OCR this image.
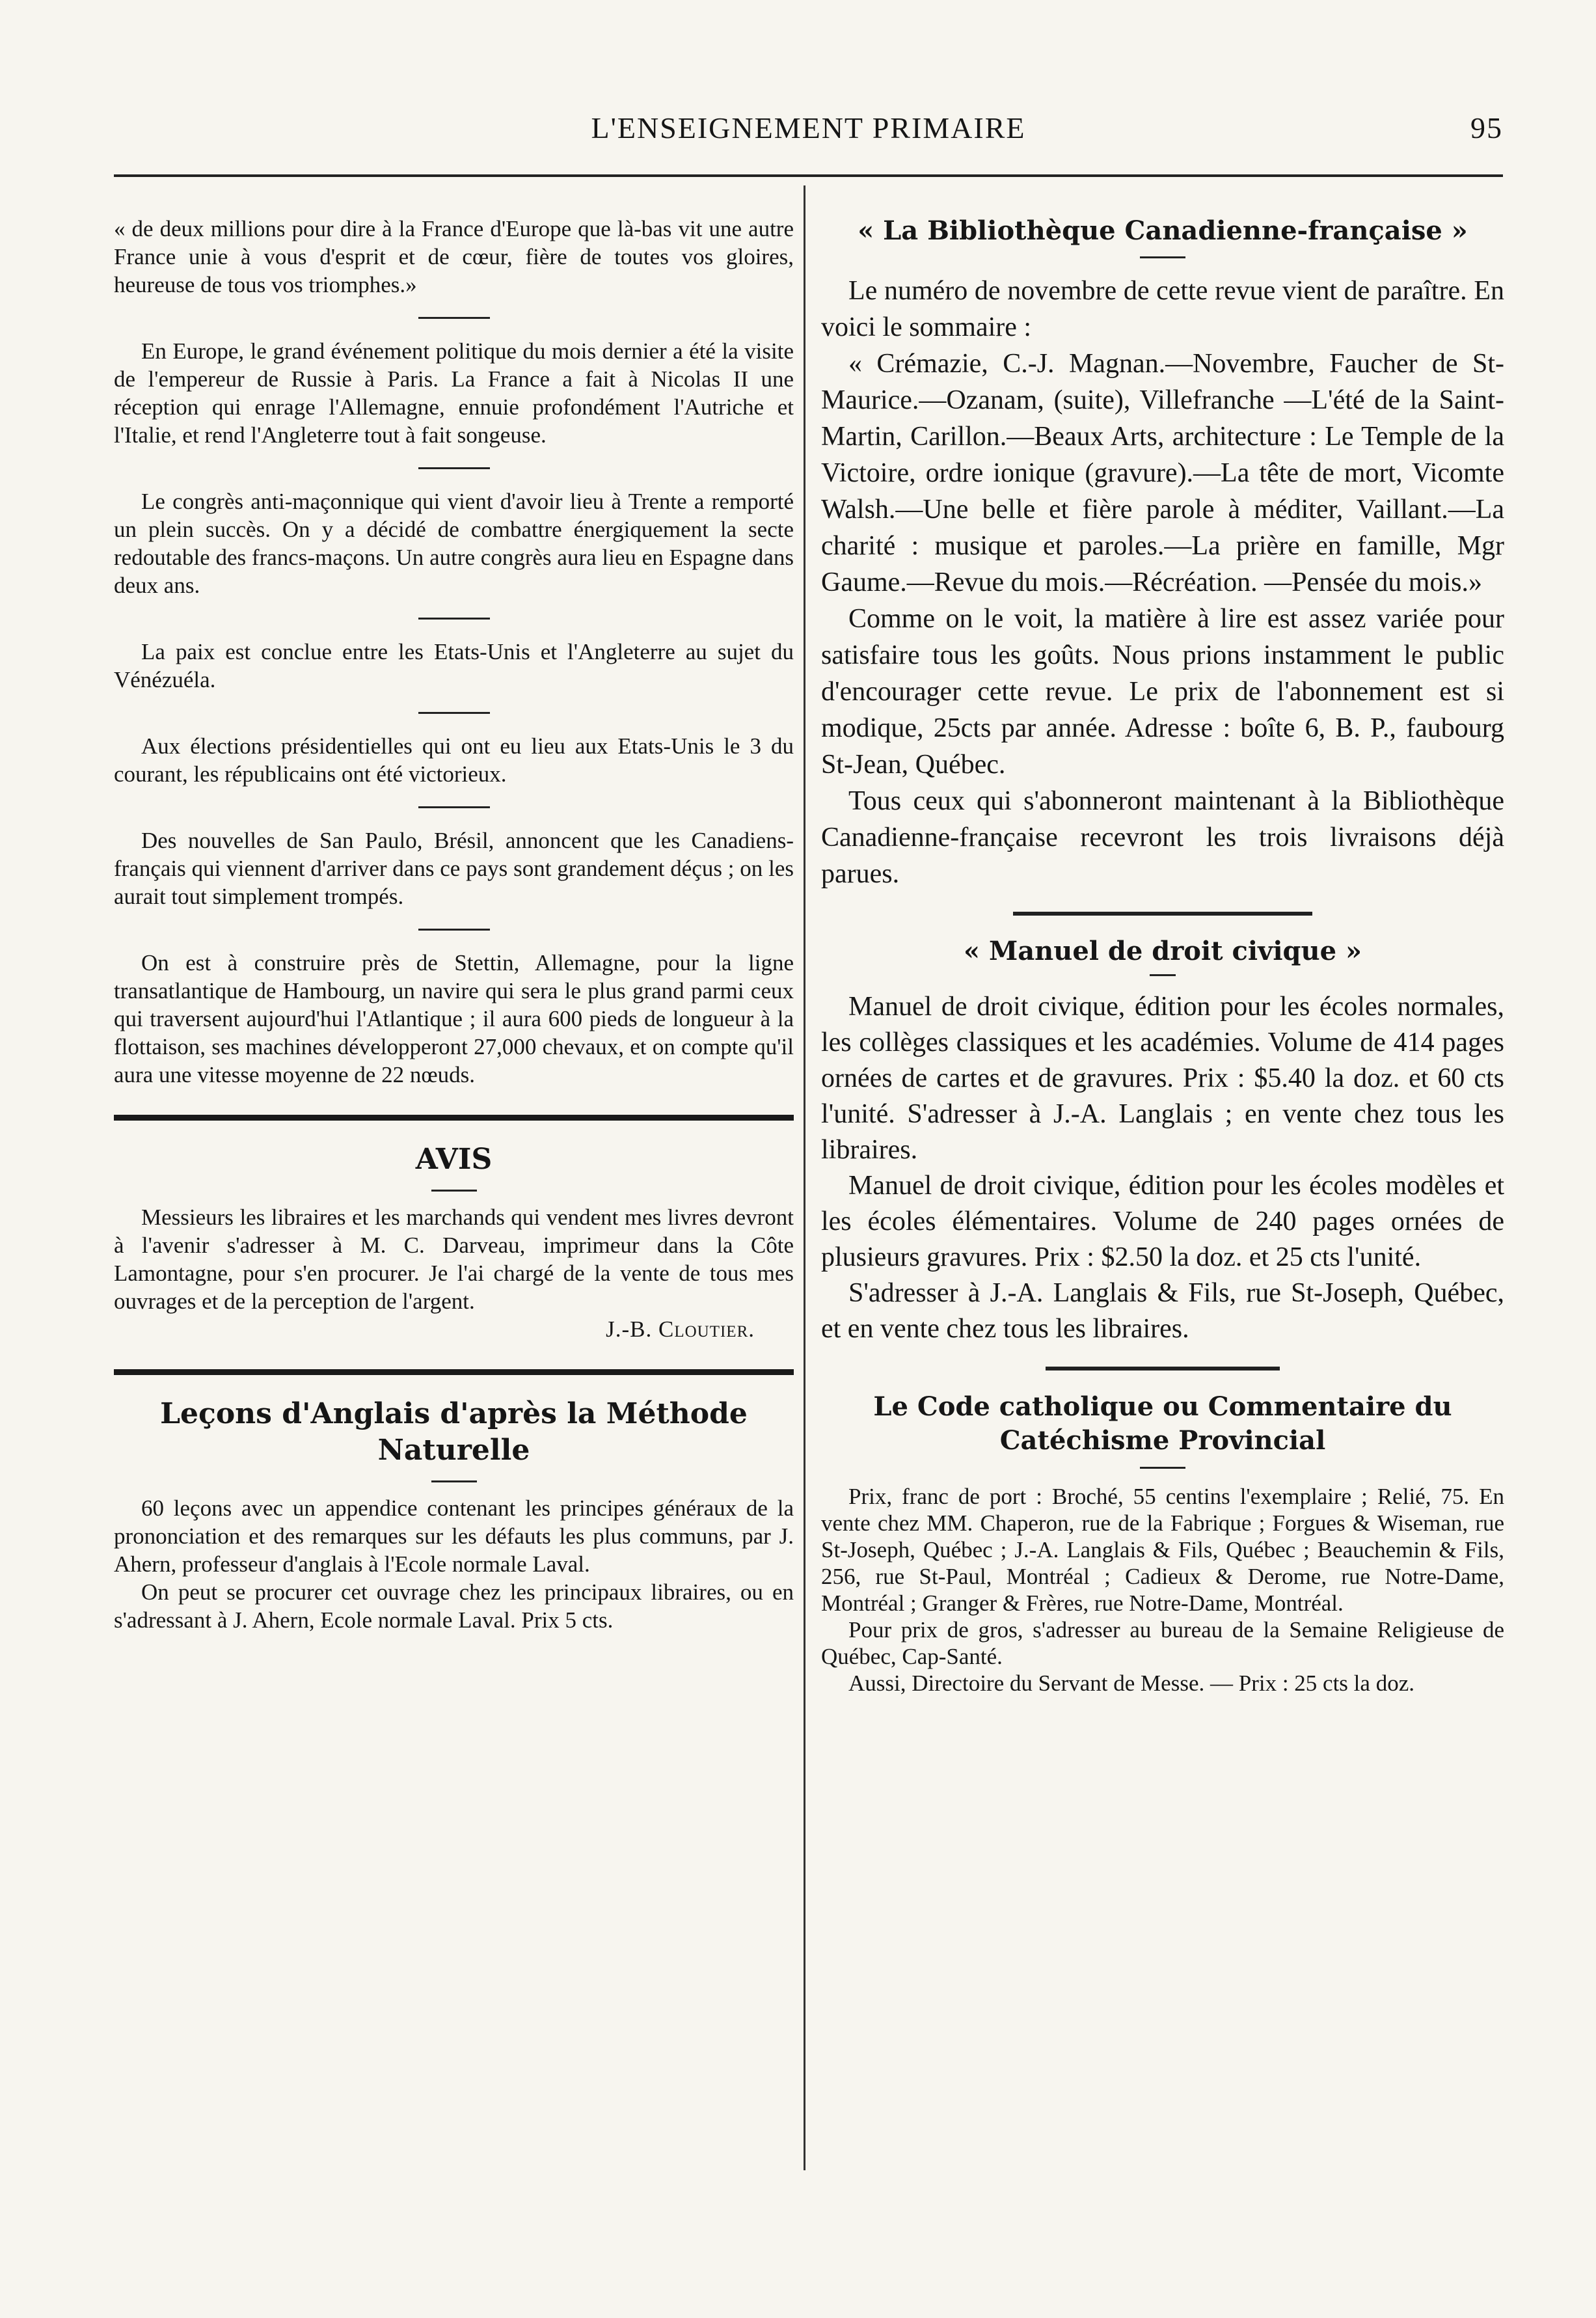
L'ENSEIGNEMENT PRIMAIRE	95

« de deux millions pour dire à la France d'Europe que là-bas vit une autre France unie à vous d'esprit et de cœur, fière de toutes vos gloires, heureuse de tous vos triomphes.»

En Europe, le grand événement politique du mois dernier a été la visite de l'empereur de Russie à Paris. La France a fait à Nicolas II une réception qui enrage l'Allemagne, ennuie profondément l'Autriche et l'Italie, et rend l'Angleterre tout à fait songeuse.

Le congrès anti-maçonnique qui vient d'avoir lieu à Trente a remporté un plein succès. On y a décidé de combattre énergiquement la secte redoutable des francs-maçons. Un autre congrès aura lieu en Espagne dans deux ans.

La paix est conclue entre les Etats-Unis et l'Angleterre au sujet du Vénézuéla.

Aux élections présidentielles qui ont eu lieu aux Etats-Unis le 3 du courant, les républicains ont été victorieux.

Des nouvelles de San Paulo, Brésil, annoncent que les Canadiens-français qui viennent d'arriver dans ce pays sont grandement déçus ; on les aurait tout simplement trompés.

On est à construire près de Stettin, Allemagne, pour la ligne transatlantique de Hambourg, un navire qui sera le plus grand parmi ceux qui traversent aujourd'hui l'Atlantique ; il aura 600 pieds de longueur à la flottaison, ses machines développeront 27,000 chevaux, et on compte qu'il aura une vitesse moyenne de 22 nœuds.

AVIS

Messieurs les libraires et les marchands qui vendent mes livres devront à l'avenir s'adresser à M. C. Darveau, imprimeur dans la Côte Lamontagne, pour s'en procurer. Je l'ai chargé de la vente de tous mes ouvrages et de la perception de l'argent.

J.-B. Cloutier.

Leçons d'Anglais d'après la Méthode Naturelle

60 leçons avec un appendice contenant les principes généraux de la prononciation et des remarques sur les défauts les plus communs, par J. Ahern, professeur d'anglais à l'Ecole normale Laval.

On peut se procurer cet ouvrage chez les principaux libraires, ou en s'adressant à J. Ahern, Ecole normale Laval. Prix 5 cts.

« La Bibliothèque Canadienne-française »

Le numéro de novembre de cette revue vient de paraître. En voici le sommaire :

« Crémazie, C.-J. Magnan.—Novembre, Faucher de St-Maurice.—Ozanam, (suite), Villefranche —L'été de la Saint-Martin, Carillon.—Beaux Arts, architecture : Le Temple de la Victoire, ordre ionique (gravure).—La tête de mort, Vicomte Walsh.—Une belle et fière parole à méditer, Vaillant.—La charité : musique et paroles.—La prière en famille, Mgr Gaume.—Revue du mois.—Récréation. —Pensée du mois.»

Comme on le voit, la matière à lire est assez variée pour satisfaire tous les goûts. Nous prions instamment le public d'encourager cette revue. Le prix de l'abonnement est si modique, 25cts par année. Adresse : boîte 6, B. P., faubourg St-Jean, Québec.

Tous ceux qui s'abonneront maintenant à la Bibliothèque Canadienne-française recevront les trois livraisons déjà parues.

« Manuel de droit civique »

Manuel de droit civique, édition pour les écoles normales, les collèges classiques et les académies. Volume de 414 pages ornées de cartes et de gravures. Prix : $5.40 la doz. et 60 cts l'unité. S'adresser à J.-A. Langlais ; en vente chez tous les libraires.

Manuel de droit civique, édition pour les écoles modèles et les écoles élémentaires. Volume de 240 pages ornées de plusieurs gravures. Prix : $2.50 la doz. et 25 cts l'unité.

S'adresser à J.-A. Langlais & Fils, rue St-Joseph, Québec, et en vente chez tous les libraires.

Le Code catholique ou Commentaire du Catéchisme Provincial

Prix, franc de port : Broché, 55 centins l'exemplaire ; Relié, 75. En vente chez MM. Chaperon, rue de la Fabrique ; Forgues & Wiseman, rue St-Joseph, Québec ; J.-A. Langlais & Fils, Québec ; Beauchemin & Fils, 256, rue St-Paul, Montréal ; Cadieux & Derome, rue Notre-Dame, Montréal ; Granger & Frères, rue Notre-Dame, Montréal.

Pour prix de gros, s'adresser au bureau de la Semaine Religieuse de Québec, Cap-Santé.

Aussi, Directoire du Servant de Messe. — Prix : 25 cts la doz.
